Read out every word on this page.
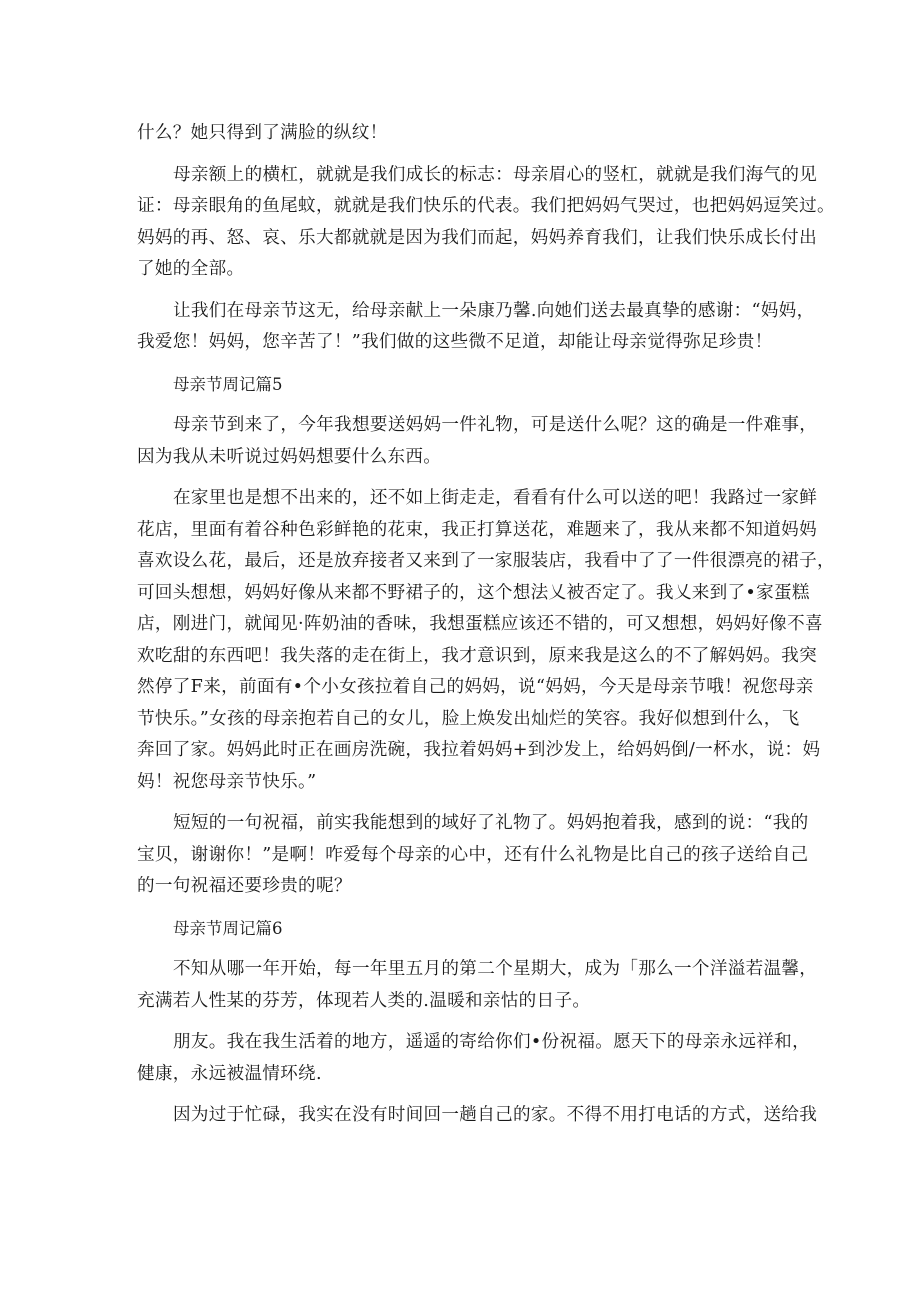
什么？她只得到了满脸的纵纹！
母亲额上的横杠，就就是我们成长的标志：母亲眉心的竖杠，就就是我们海气的见
证：母亲眼角的鱼尾蚊，就就是我们快乐的代表。我们把妈妈气哭过，也把妈妈逗笑过。
妈妈的再、怒、哀、乐大都就就是因为我们而起，妈妈养育我们，让我们快乐成长付出
了她的全部。
让我们在母亲节这无，给母亲献上一朵康乃馨.向她们送去最真挚的感谢：“妈妈，
我爱您！妈妈，您辛苦了！”我们做的这些微不足道，却能让母亲觉得弥足珍贵！
母亲节周记篇5
母亲节到来了，今年我想要送妈妈一件礼物，可是送什么呢？这的确是一件难事，
因为我从未听说过妈妈想要什么东西。
在家里也是想不出来的，还不如上街走走，看看有什么可以送的吧！我路过一家鲜
花店，里面有着谷种色彩鲜艳的花束，我正打算送花，难题来了，我从来都不知道妈妈
喜欢设么花，最后，还是放弃接者又来到了一家服装店，我看中了了一件很漂亮的裙子，
可回头想想，妈妈好像从来都不野裙子的，这个想法乂被否定了。我乂来到了•家蛋糕
店，刚进门，就闻见·阵奶油的香味，我想蛋糕应该还不错的，可又想想，妈妈好像不喜
欢吃甜的东西吧！我失落的走在街上，我才意识到，原来我是这么的不了解妈妈。我突
然停了F来，前面有•个小女孩拉着自己的妈妈，说“妈妈，今天是母亲节哦！祝您母亲
节快乐。”女孩的母亲抱若自己的女儿，脸上焕发出灿烂的笑容。我好似想到什么，飞
奔回了家。妈妈此时正在画房洗碗，我拉着妈妈+到沙发上，给妈妈倒/一杯水，说：妈
妈！祝您母亲节快乐。”
短短的一句祝福，前实我能想到的域好了礼物了。妈妈抱着我，感到的说：“我的
宝贝，谢谢你！”是啊！咋爱每个母亲的心中，还有什么礼物是比自己的孩子送给自己
的一句祝福还要珍贵的呢？
母亲节周记篇6
不知从哪一年开始，每一年里五月的第二个星期大，成为「那么一个洋溢若温馨，
充满若人性某的芬芳，体现若人类的.温暖和亲怙的日子。
朋友。我在我生活着的地方，遥遥的寄给你们•份祝福。愿天下的母亲永远祥和，
健康，永远被温情环绕.
因为过于忙碌，我实在没有时间回一趟自己的家。不得不用打电话的方式，送给我
